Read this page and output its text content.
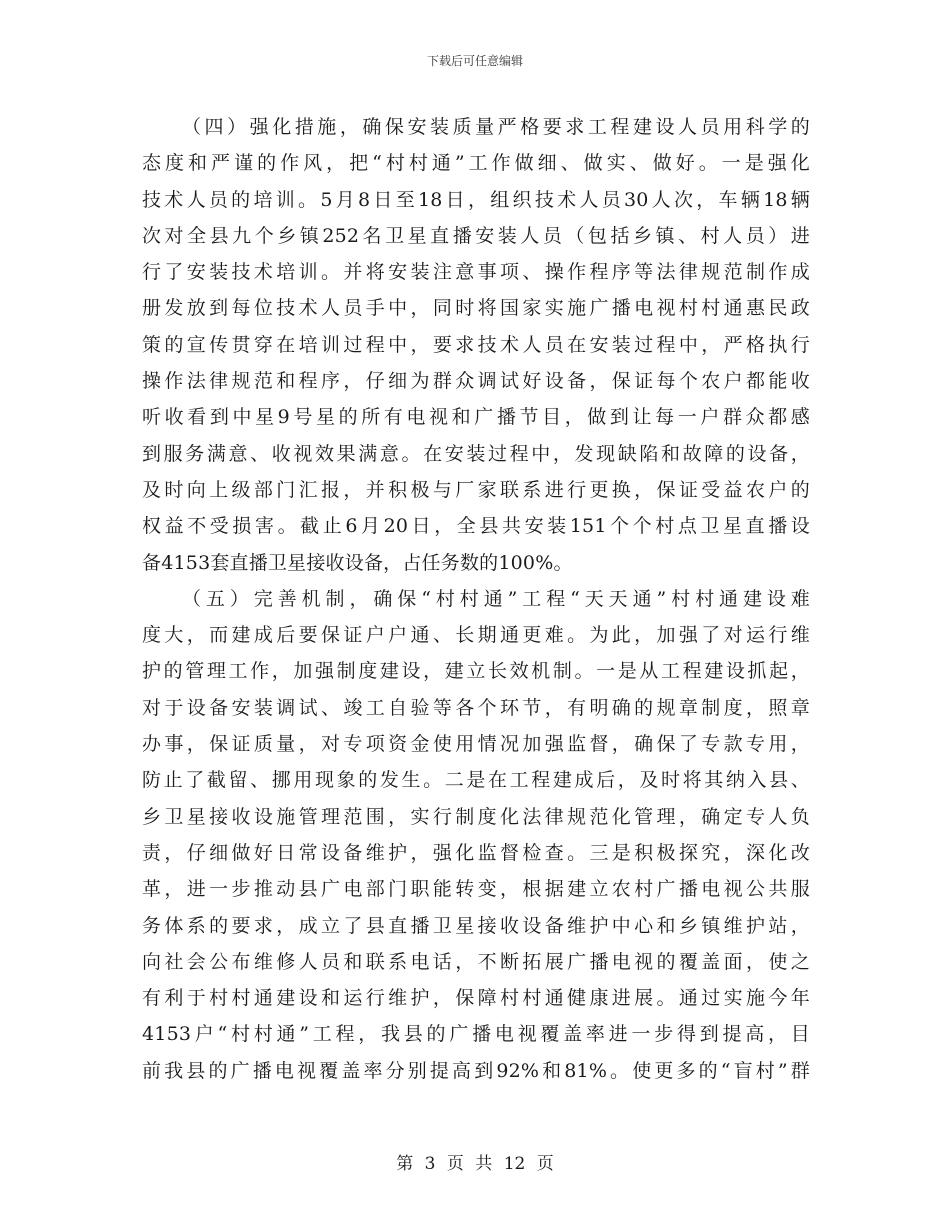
下载后可任意编辑
（四）强化措施，确保安装质量严格要求工程建设人员用科学的
态度和严谨的作风，把“村村通”工作做细、做实、做好。一是强化
技术人员的培训。5月8日至18日，组织技术人员30人次，车辆18辆
次对全县九个乡镇252名卫星直播安装人员（包括乡镇、村人员）进
行了安装技术培训。并将安装注意事项、操作程序等法律规范制作成
册发放到每位技术人员手中，同时将国家实施广播电视村村通惠民政
策的宣传贯穿在培训过程中，要求技术人员在安装过程中，严格执行
操作法律规范和程序，仔细为群众调试好设备，保证每个农户都能收
听收看到中星9号星的所有电视和广播节目，做到让每一户群众都感
到服务满意、收视效果满意。在安装过程中，发现缺陷和故障的设备，
及时向上级部门汇报，并积极与厂家联系进行更换，保证受益农户的
权益不受损害。截止6月20日，全县共安装151个个村点卫星直播设
备4153套直播卫星接收设备，占任务数的100%。
（五）完善机制，确保“村村通”工程“天天通”村村通建设难
度大，而建成后要保证户户通、长期通更难。为此，加强了对运行维
护的管理工作，加强制度建设，建立长效机制。一是从工程建设抓起，
对于设备安装调试、竣工自验等各个环节，有明确的规章制度，照章
办事，保证质量，对专项资金使用情况加强监督，确保了专款专用，
防止了截留、挪用现象的发生。二是在工程建成后，及时将其纳入县、
乡卫星接收设施管理范围，实行制度化法律规范化管理，确定专人负
责，仔细做好日常设备维护，强化监督检查。三是积极探究，深化改
革，进一步推动县广电部门职能转变，根据建立农村广播电视公共服
务体系的要求，成立了县直播卫星接收设备维护中心和乡镇维护站，
向社会公布维修人员和联系电话，不断拓展广播电视的覆盖面，使之
有利于村村通建设和运行维护，保障村村通健康进展。通过实施今年
4153户“村村通”工程，我县的广播电视覆盖率进一步得到提高，目
前我县的广播电视覆盖率分别提高到92%和81%。使更多的“盲村”群
第 3 页 共 12 页
